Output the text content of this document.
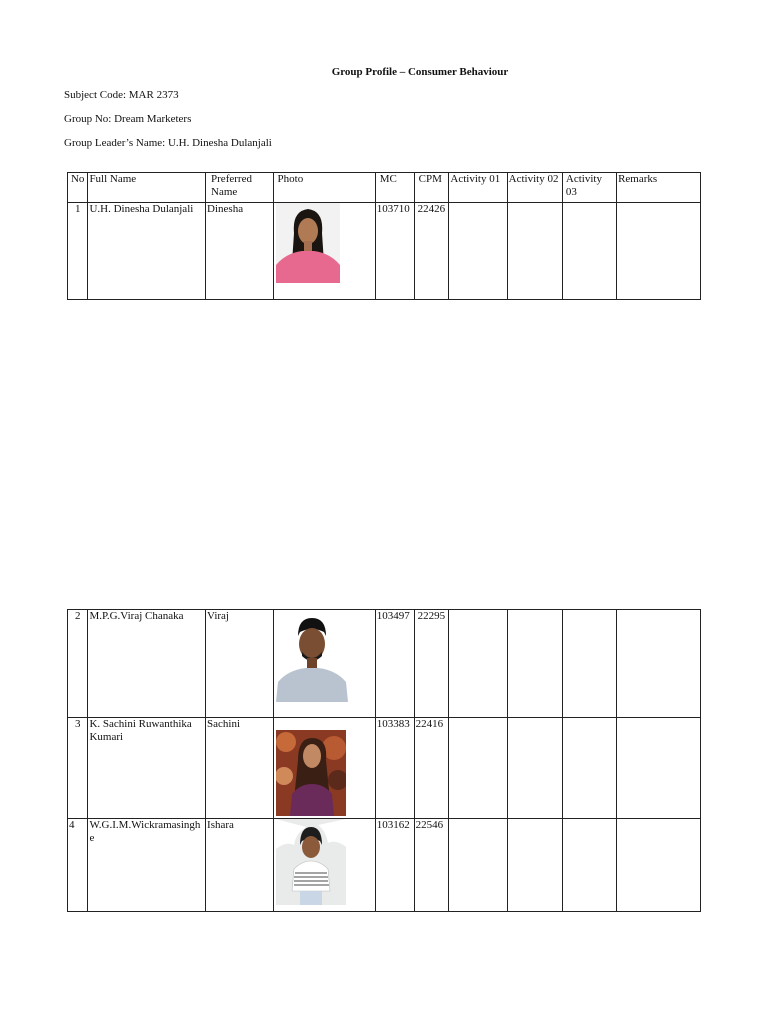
Group Profile – Consumer Behaviour
Subject Code: MAR 2373
Group No: Dream Marketers
Group Leader’s Name: U.H. Dinesha Dulanjali
No	Full Name	Preferred Name	Photo	MC	CPM	Activity 01	Activity 02	Activity 03	Remarks
1	U.H. Dinesha Dulanjali	Dinesha		103710	22426				
2	M.P.G.Viraj Chanaka	Viraj		103497	22295				
3	K. Sachini Ruwanthika Kumari	Sachini		103383	22416				
4	W.G.I.M.Wickramasinghe	Ishara		103162	22546				
